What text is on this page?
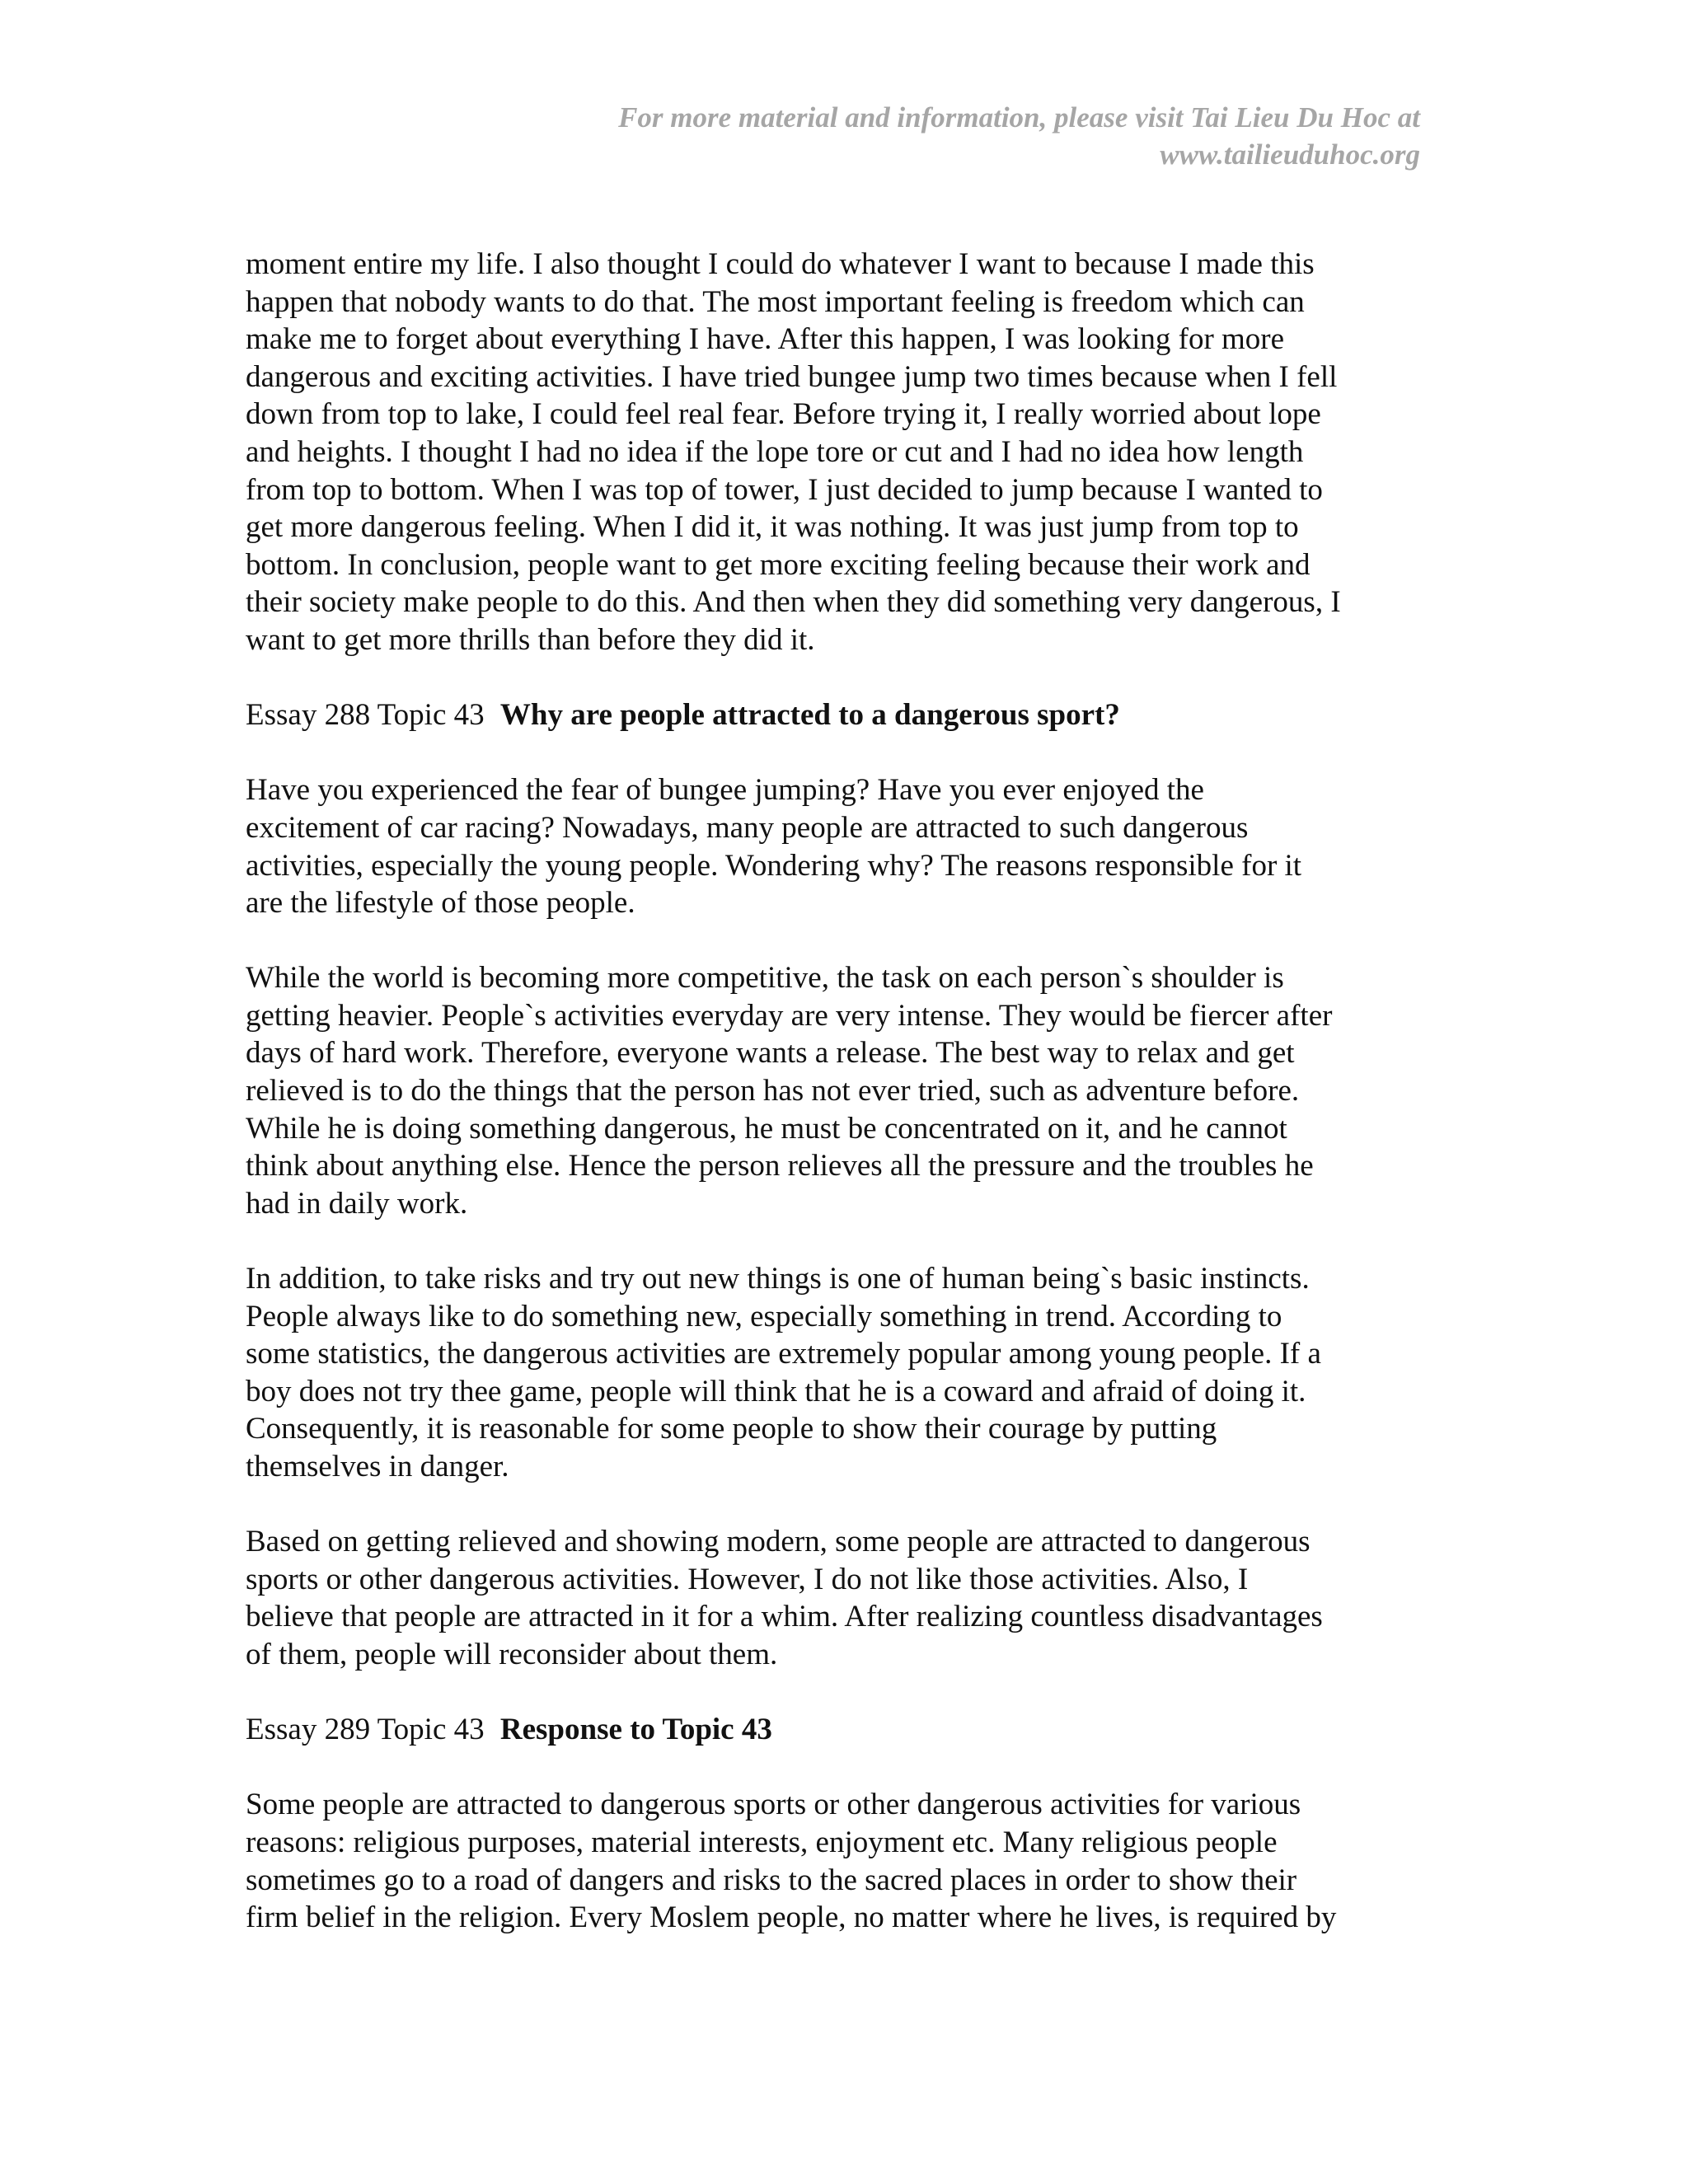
For more material and information, please visit Tai Lieu Du Hoc at
www.tailieuduhoc.org

moment entire my life. I also thought I could do whatever I want to because I made this
happen that nobody wants to do that. The most important feeling is freedom which can
make me to forget about everything I have. After this happen, I was looking for more
dangerous and exciting activities. I have tried bungee jump two times because when I fell
down from top to lake, I could feel real fear. Before trying it, I really worried about lope
and heights. I thought I had no idea if the lope tore or cut and I had no idea how length
from top to bottom. When I was top of tower, I just decided to jump because I wanted to
get more dangerous feeling. When I did it, it was nothing. It was just jump from top to
bottom. In conclusion, people want to get more exciting feeling because their work and
their society make people to do this. And then when they did something very dangerous, I
want to get more thrills than before they did it.

Essay 288 Topic 43 Why are people attracted to a dangerous sport?

Have you experienced the fear of bungee jumping? Have you ever enjoyed the
excitement of car racing? Nowadays, many people are attracted to such dangerous
activities, especially the young people. Wondering why? The reasons responsible for it
are the lifestyle of those people.

While the world is becoming more competitive, the task on each person`s shoulder is
getting heavier. People`s activities everyday are very intense. They would be fiercer after
days of hard work. Therefore, everyone wants a release. The best way to relax and get
relieved is to do the things that the person has not ever tried, such as adventure before.
While he is doing something dangerous, he must be concentrated on it, and he cannot
think about anything else. Hence the person relieves all the pressure and the troubles he
had in daily work.

In addition, to take risks and try out new things is one of human being`s basic instincts.
People always like to do something new, especially something in trend. According to
some statistics, the dangerous activities are extremely popular among young people. If a
boy does not try thee game, people will think that he is a coward and afraid of doing it.
Consequently, it is reasonable for some people to show their courage by putting
themselves in danger.

Based on getting relieved and showing modern, some people are attracted to dangerous
sports or other dangerous activities. However, I do not like those activities. Also, I
believe that people are attracted in it for a whim. After realizing countless disadvantages
of them, people will reconsider about them.

Essay 289 Topic 43 Response to Topic 43

Some people are attracted to dangerous sports or other dangerous activities for various
reasons: religious purposes, material interests, enjoyment etc. Many religious people
sometimes go to a road of dangers and risks to the sacred places in order to show their
firm belief in the religion. Every Moslem people, no matter where he lives, is required by
